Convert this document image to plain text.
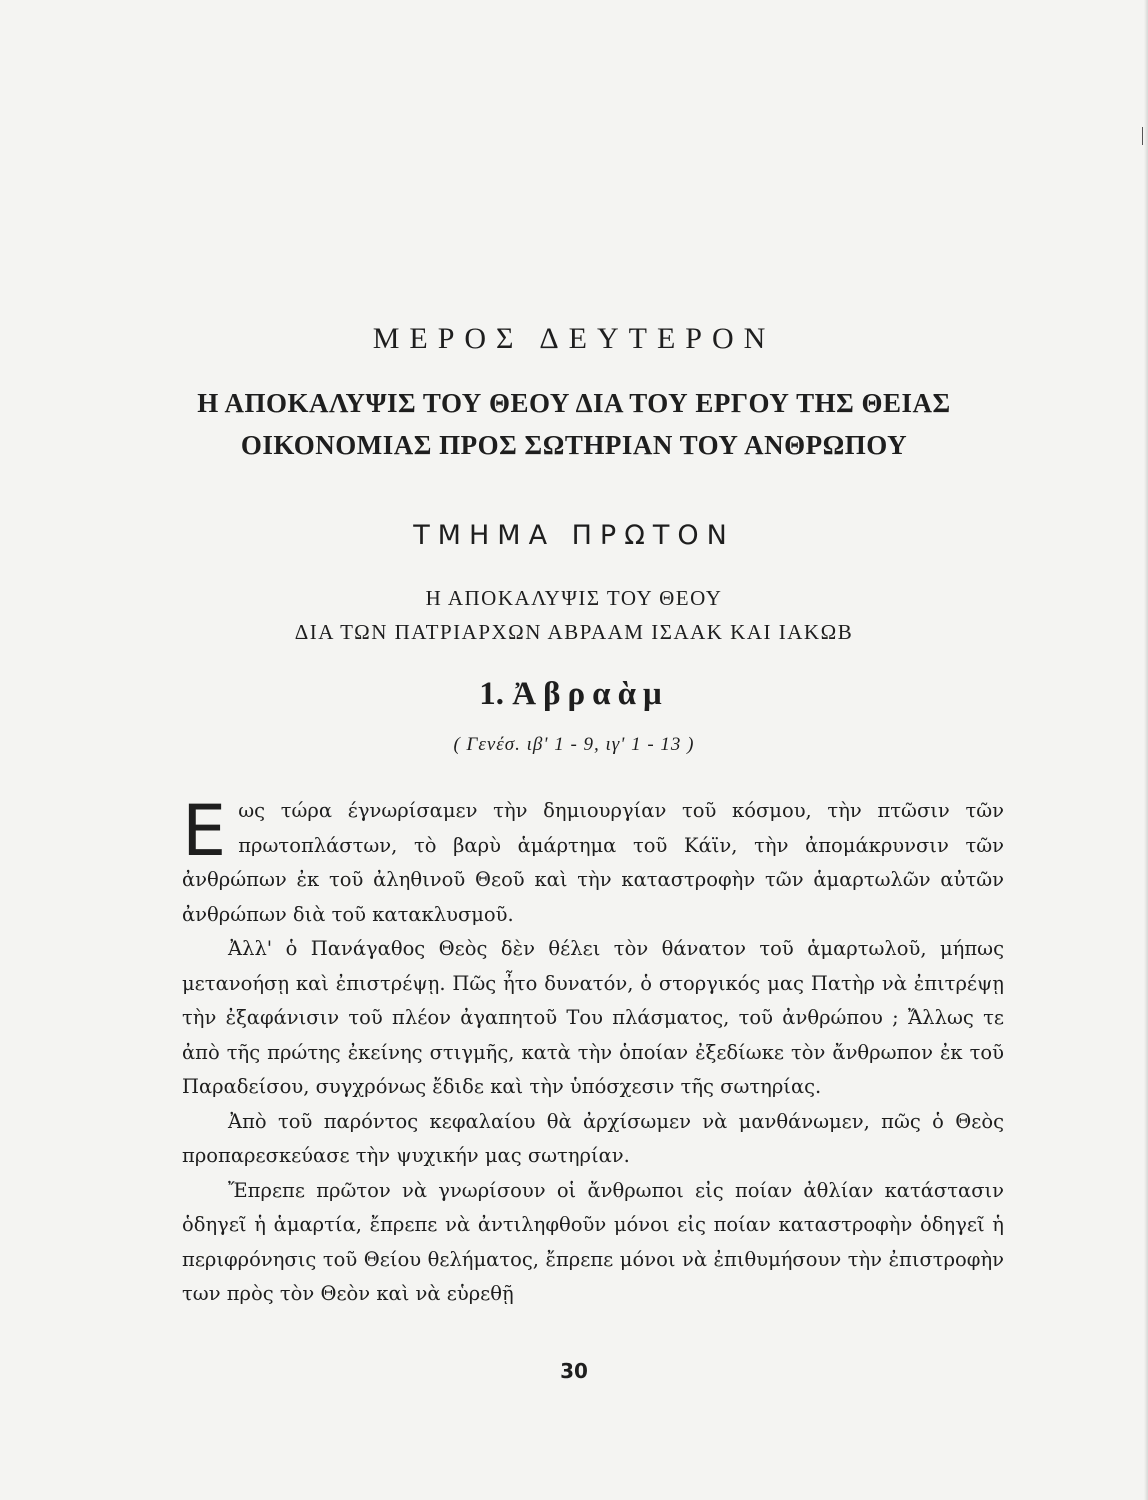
ΜΕΡΟΣ ΔΕΥΤΕΡΟΝ
Η ΑΠΟΚΑΛΥΨΙΣ ΤΟΥ ΘΕΟΥ ΔΙΑ ΤΟΥ ΕΡΓΟΥ ΤΗΣ ΘΕΙΑΣ
ΟΙΚΟΝΟΜΙΑΣ ΠΡΟΣ ΣΩΤΗΡΙΑΝ ΤΟΥ ΑΝΘΡΩΠΟΥ
ΤΜΗΜΑ ΠΡΩΤΟΝ
Η ΑΠΟΚΑΛΥΨΙΣ ΤΟΥ ΘΕΟΥ
ΔΙΑ ΤΩΝ ΠΑΤΡΙΑΡΧΩΝ ΑΒΡΑΑΜ ΙΣΑΑΚ ΚΑΙ ΙΑΚΩΒ
1. Ἀβραὰμ
( Γενέσ. ιβ' 1 - 9, ιγ' 1 - 13 )

Εως τώρα έγνωρίσαμεν τὴν δημιουργίαν τοῦ κόσμου, τὴν πτῶσιν τῶν πρωτοπλάστων, τὸ βαρὺ ἁμάρτημα τοῦ Κάϊν, τὴν ἀπομάκρυνσιν τῶν ἀνθρώπων ἐκ τοῦ ἀληθινοῦ Θεοῦ καὶ τὴν καταστροφὴν τῶν ἁμαρτωλῶν αὐτῶν ἀνθρώπων διὰ τοῦ κατακλυσμοῦ.

Ἀλλ' ὁ Πανάγαθος Θεὸς δὲν θέλει τὸν θάνατον τοῦ ἁμαρτωλοῦ, μήπως μετανοήσῃ καὶ ἐπιστρέψῃ. Πῶς ἦτο δυνατόν, ὁ στοργικός μας Πατὴρ νὰ ἐπιτρέψῃ τὴν ἐξαφάνισιν τοῦ πλέον ἀγαπητοῦ Του πλάσματος, τοῦ ἀνθρώπου ; Ἄλλως τε ἀπὸ τῆς πρώτης ἐκείνης στιγμῆς, κατὰ τὴν ὁποίαν ἐξεδίωκε τὸν ἄνθρωπον ἐκ τοῦ Παραδείσου, συγχρόνως ἔδιδε καὶ τὴν ὑπόσχεσιν τῆς σωτηρίας.

Ἀπὸ τοῦ παρόντος κεφαλαίου θὰ ἀρχίσωμεν νὰ μανθάνωμεν, πῶς ὁ Θεὸς προπαρεσκεύασε τὴν ψυχικήν μας σωτηρίαν.

Ἔπρεπε πρῶτον νὰ γνωρίσουν οἱ ἄνθρωποι εἰς ποίαν ἀθλίαν κατάστασιν ὁδηγεῖ ἡ ἁμαρτία, ἔπρεπε νὰ ἀντιληφθοῦν μόνοι εἰς ποίαν καταστροφὴν ὁδηγεῖ ἡ περιφρόνησις τοῦ Θείου θελήματος, ἔπρεπε μόνοι νὰ ἐπιθυμήσουν τὴν ἐπιστροφὴν των πρὸς τὸν Θεὸν καὶ νὰ εὑρεθῇ

30
